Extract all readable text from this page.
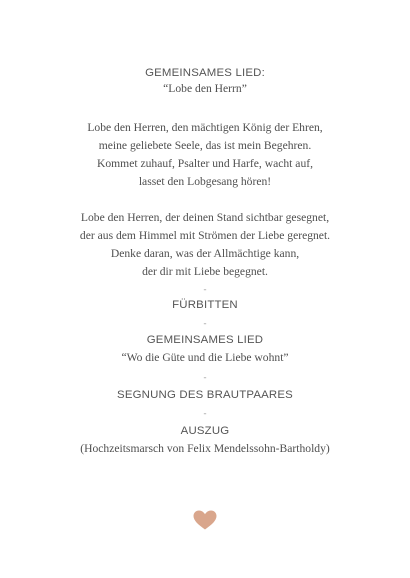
GEMEINSAMES LIED:
“Lobe den Herrn”
Lobe den Herren, den mächtigen König der Ehren,
meine geliebete Seele, das ist mein Begehren.
Kommet zuhauf, Psalter und Harfe, wacht auf,
lasset den Lobgesang hören!
Lobe den Herren, der deinen Stand sichtbar gesegnet,
der aus dem Himmel mit Strömen der Liebe geregnet.
Denke daran, was der Allmächtige kann,
der dir mit Liebe begegnet.
-
FÜRBITTEN
-
GEMEINSAMES LIED
“Wo die Güte und die Liebe wohnt”
-
SEGNUNG DES BRAUTPAARES
-
AUSZUG
(Hochzeitsmarsch von Felix Mendelssohn-Bartholdy)
